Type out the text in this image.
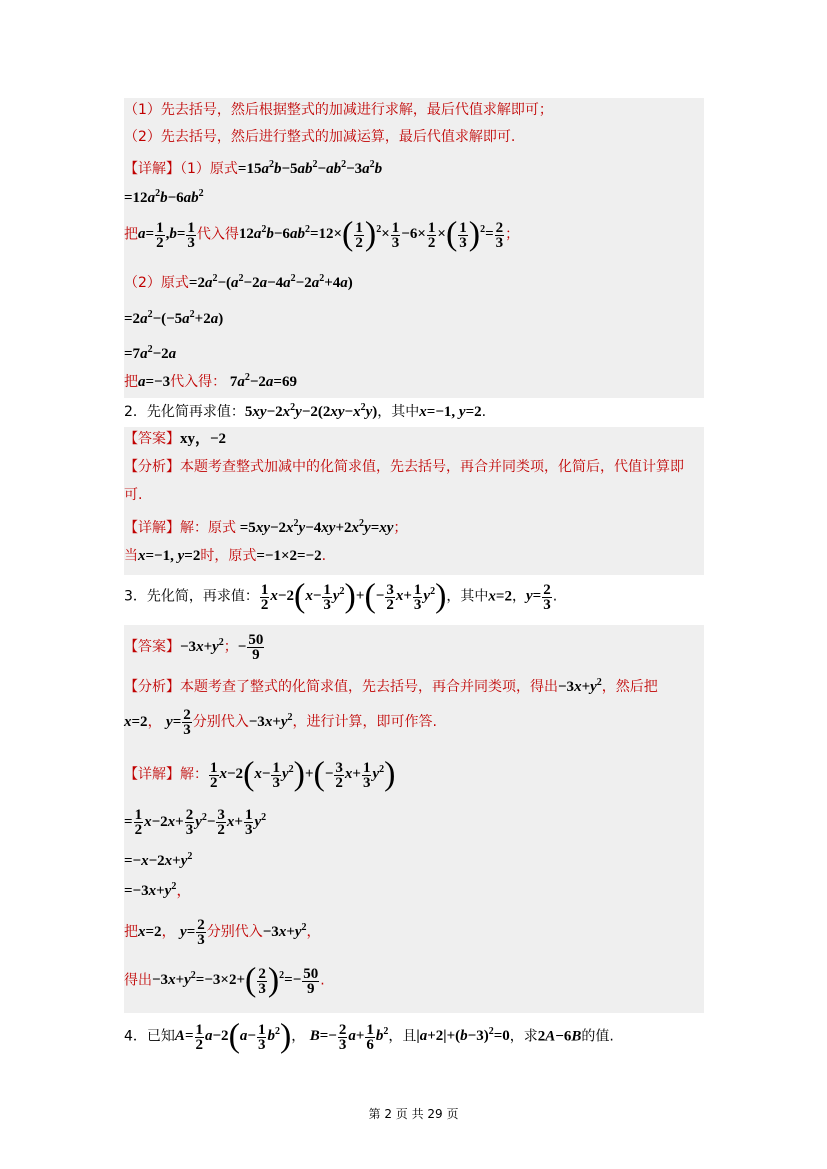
（1）先去括号，然后根据整式的加减进行求解，最后代值求解即可；
（2）先去括号，然后进行整式的加减运算，最后代值求解即可.
【详解】（1）原式$=15a^2b-5ab^2-ab^2-3a^2b$
$=12a^2b-6ab^2$
把$a= \frac{1}{2} ,b= \frac{1}{3}$ 代入得$12a^2b-6ab^2=12\times( \frac{1}{2} )^2\times \frac{1}{3} -6\times \frac{1}{2}$ ×( $\frac{1}{3} )^2= \frac{2}{3}$ ；
（2）原式$=2a^2-(a^2-2a-4a^2-2a^2+4a)$
$=2a^2-(-5a^2+2a)$
$=7a^2-2a$
把a=−3代入得： $7a^2-2a=69$
2．先化简再求值：$5xy-2x^2y-2(2xy-x^2y)$，其中x=−1, y=2.
【答案】xy，−2
【分析】本题考查整式加减中的化简求值，先去括号，再合并同类项，化简后，代值计算即
可.
【详解】解：原式 $=5xy-2x^2y-4xy+2x^2y=xy$；
当x=−1, y=2时，原式=−1×2=−2.
3．先化简，再求值： $\frac{1}{2} x-2(x- \frac{1}{3} y^2)+(- \frac{3}{2} x+ \frac{1}{3} y^2)$，其中x=2，$y= \frac{2}{3}$ .
【答案】$-3x+y^2$；− $\frac{50}{9}$
【分析】本题考查了整式的化简求值，先去括号，再合并同类项，得出$-3x+y^2$，然后把
x=2， $y= \frac{2}{3}$ 分别代入$-3x+y^2$，进行计算，即可作答.
【详解】解： $\frac{1}{2} x-2(x- \frac{1}{3} y^2)+(- \frac{3}{2} x+ \frac{1}{3} y^2)$
= $\frac{1}{2} x-2x+ \frac{2}{3} y^2- \frac{3}{2} x+ \frac{1}{3} y^2$
$=-x-2x+y^2$
$=-3x+y^2$，
把x=2， $y= \frac{2}{3}$ 分别代入$-3x+y^2$，
得出$-3x+y^2=-3\times 2+( \frac{2}{3} )^2=- \frac{50}{9}$ .
4．已知$A= \frac{1}{2} a-2(a- \frac{1}{3} b^2)$， $B=- \frac{2}{3} a+ \frac{1}{6} b^2$，且$|a+2|+(b-3)^2=0$，求2A−6B的值.
第 2 页 共 29 页
